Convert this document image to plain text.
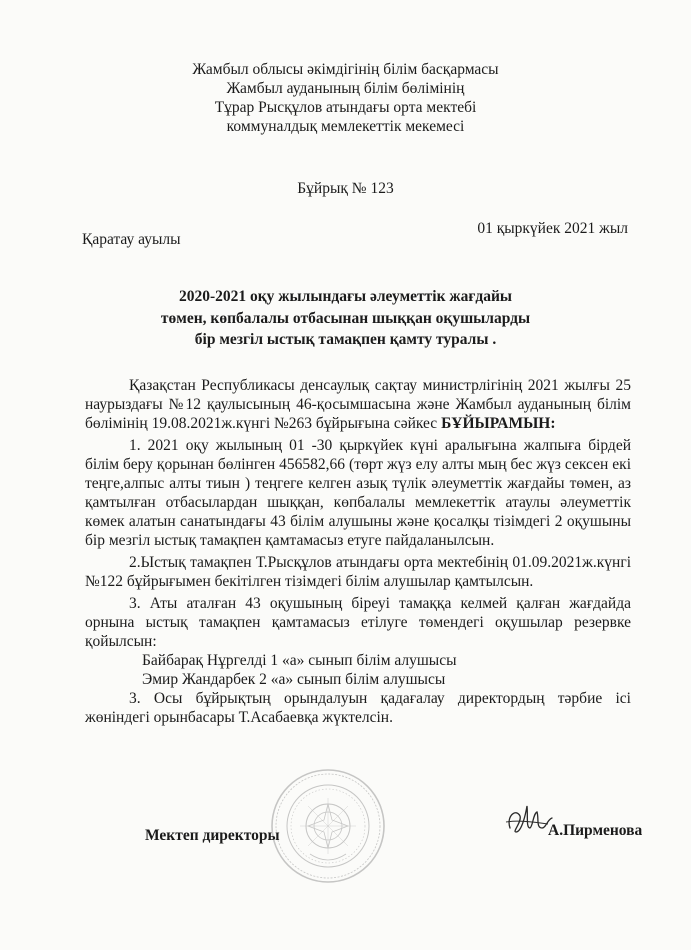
Жамбыл облысы әкімдігінің білім басқармасы
Жамбыл ауданының білім бөлімінің
Тұрар Рысқұлов атындағы орта мектебі
коммуналдық мемлекеттік мекемесі
Бұйрық № 123
01 қыркүйек 2021 жыл
Қаратау ауылы
2020-2021 оқу жылындағы әлеуметтік жағдайы
төмен, көпбалалы отбасынан шыққан оқушыларды
бір мезгіл ыстық тамақпен қамту туралы .

Қазақстан Республикасы денсаулық сақтау министрлігінің 2021 жылғы 25 наурыздағы №12 қаулысының 46-қосымшасына және Жамбыл ауданының білім бөлімінің 19.08.2021ж.күнгі №263 бұйрығына сәйкес БҰЙЫРАМЫН:

1. 2021 оқу жылының 01 -30 қыркүйек күні аралығына жалпыға бірдей білім беру қорынан бөлінген 456582,66 (төрт жүз елу алты мың бес жүз сексен екі теңге,алпыс алты тиын ) теңгеге келген азық түлік әлеуметтік жағдайы төмен, аз қамтылған отбасылардан шыққан, көпбалалы мемлекеттік атаулы әлеуметтік көмек алатын санатындағы 43 білім алушыны және қосалқы тізімдегі 2 оқушыны бір мезгіл ыстық тамақпен қамтамасыз етуге пайдаланылсын.

2.Ыстық тамақпен Т.Рысқұлов атындағы орта мектебінің 01.09.2021ж.күнгі №122 бұйрығымен бекітілген тізімдегі білім алушылар қамтылсын.

3. Аты аталған 43 оқушының біреуі тамаққа келмей қалған жағдайда орнына ыстық тамақпен қамтамасыз етілуге төмендегі оқушылар резервке қойылсын:

Байбарақ Нұргелді 1 «а» сынып білім алушысы

Эмир Жандарбек 2 «а» сынып білім алушысы

3. Осы бұйрықтың орындалуын қадағалау директордың тәрбие ісі жөніндегі орынбасары Т.Асабаевқа жүктелсін.

Мектеп директоры	А.Пирменова
